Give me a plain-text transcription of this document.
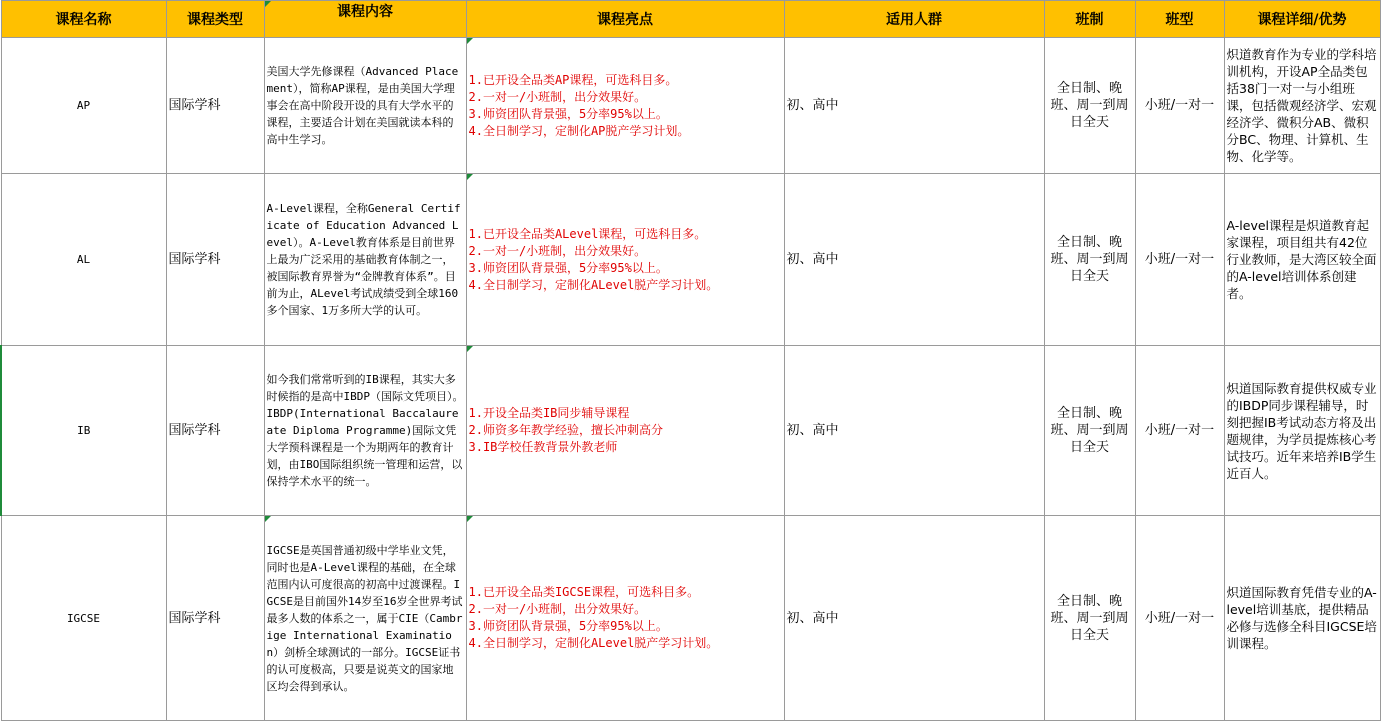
课程名称	课程类型	课程内容	课程亮点	适用人群	班制	班型	课程详细/优势
AP	国际学科	美国大学先修课程（Advanced Placement），简称AP课程，是由美国大学理事会在高中阶段开设的具有大学水平的课程，主要适合计划在美国就读本科的高中生学习。	1.已开设全品类AP课程，可选科目多。
2.一对一/小班制，出分效果好。
3.师资团队背景强，5分率95%以上。
4.全日制学习，定制化AP脱产学习计划。	初、高中	全日制、晚班、周一到周日全天	小班/一对一	炽道教育作为专业的学科培训机构，开设AP全品类包括38门一对一与小组班课，包括微观经济学、宏观经济学、微积分AB、微积分BC、物理、计算机、生物、化学等。
AL	国际学科	A-Level课程，全称General Certificate of Education Advanced Level）。A-Level教育体系是目前世界上最为广泛采用的基础教育体制之一，被国际教育界誉为“金牌教育体系”。目前为止，ALevel考试成绩受到全球160多个国家、1万多所大学的认可。	1.已开设全品类ALevel课程，可选科目多。
2.一对一/小班制，出分效果好。
3.师资团队背景强，5分率95%以上。
4.全日制学习，定制化ALevel脱产学习计划。	初、高中	全日制、晚班、周一到周日全天	小班/一对一	A-level课程是炽道教育起家课程，项目组共有42位行业教师，是大湾区较全面的A-level培训体系创建者。
IB	国际学科	如今我们常常听到的IB课程，其实大多时候指的是高中IBDP（国际文凭项目）。IBDP(International Baccalaureate Diploma Programme)国际文凭大学预科课程是一个为期两年的教育计划，由IBO国际组织统一管理和运营，以保持学术水平的统一。	1.开设全品类IB同步辅导课程
2.师资多年教学经验，擅长冲刺高分
3.IB学校任教背景外教老师	初、高中	全日制、晚班、周一到周日全天	小班/一对一	炽道国际教育提供权威专业的IBDP同步课程辅导，时刻把握IB考试动态方将及出题规律，为学员提炼核心考试技巧。近年来培养IB学生近百人。
IGCSE	国际学科	IGCSE是英国普通初级中学毕业文凭，同时也是A-Level课程的基础，在全球范围内认可度很高的初高中过渡课程。IGCSE是目前国外14岁至16岁全世界考试最多人数的体系之一，属于CIE（Cambrige International Examination）剑桥全球测试的一部分。IGCSE证书的认可度极高，只要是说英文的国家地区均会得到承认。	1.已开设全品类IGCSE课程，可选科目多。
2.一对一/小班制，出分效果好。
3.师资团队背景强，5分率95%以上。
4.全日制学习，定制化ALevel脱产学习计划。	初、高中	全日制、晚班、周一到周日全天	小班/一对一	炽道国际教育凭借专业的A-level培训基底，提供精品必修与选修全科目IGCSE培训课程。
